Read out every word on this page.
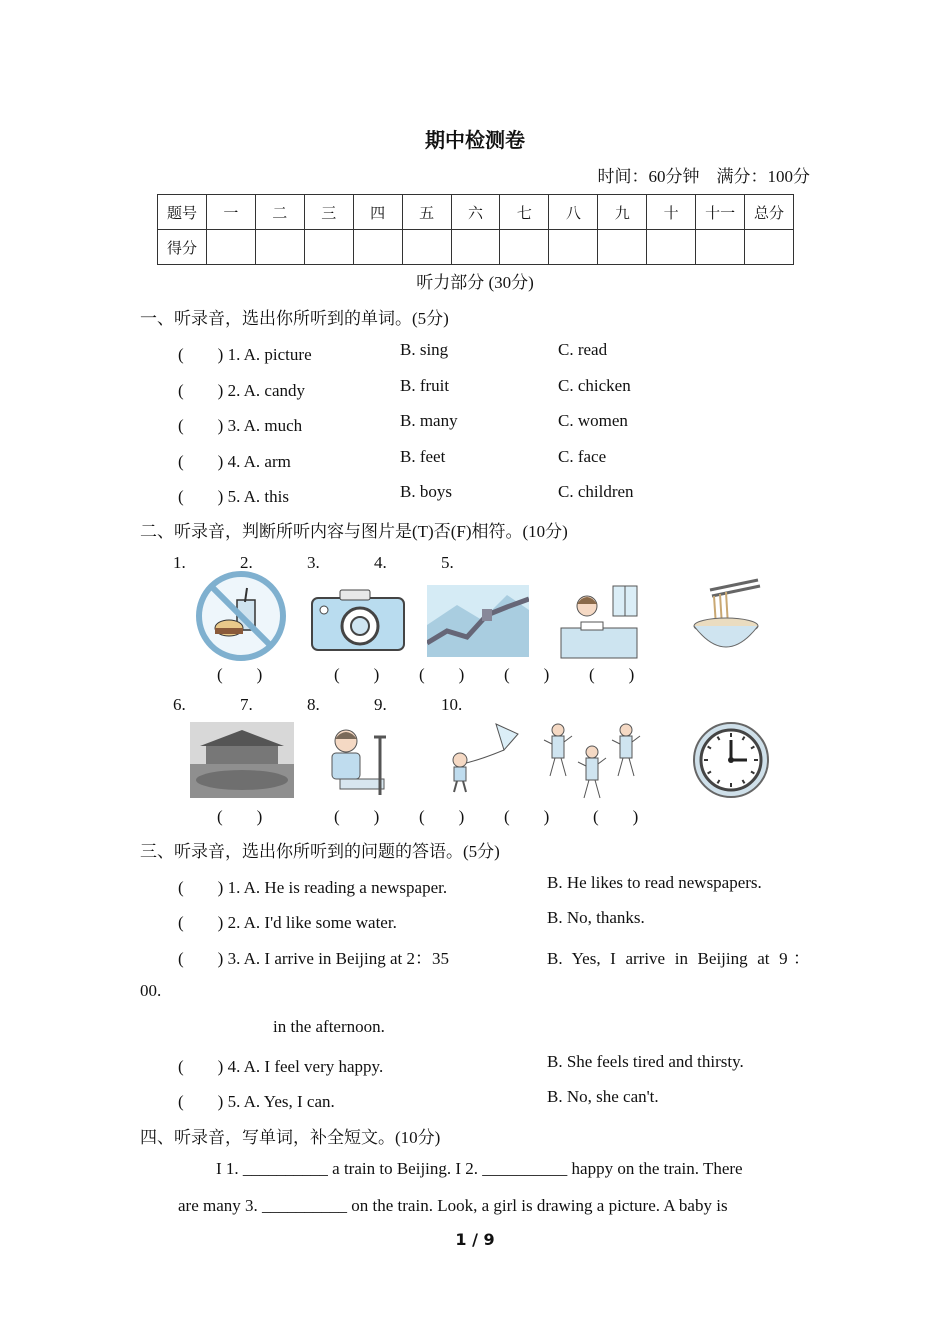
期中检测卷
时间：60分钟　满分：100分
题号	一	二	三	四	五	六	七	八	九	十	十一	总分
得分												
听力部分 (30分)
一、听录音，选出你所听到的单词。(5分)
(　　) 1. A. picture	B. sing	C. read
(　　) 2. A. candy	B. fruit	C. chicken
(　　) 3. A. much	B. many	C. women
(　　) 4. A. arm	B. feet	C. face
(　　) 5. A. this	B. boys	C. children
二、听录音，判断所听内容与图片是(T)否(F)相符。(10分)
1.	2.	3.	4.	5.
(　　)	(　　) (　　) (　　) (　　)
6.	7.	8.	9.	10.
(　　)	(　　) (　　) (　　)	(　　)
三、听录音，选出你所听到的问题的答语。(5分)
(　　) 1. A. He is reading a newspaper.	B. He likes to read newspapers.
(　　) 2. A. I'd like some water.	B. No, thanks.
(　　) 3. A. I arrive in Beijing at 2：35	B. Yes, I arrive in Beijing at 9：
00.
in the afternoon.
(　　) 4. A. I feel very happy.	B. She feels tired and thirsty.
(　　) 5. A. Yes, I can.	B. No, she can't.
四、听录音，写单词，补全短文。(10分)
I 1. __________ a train to Beijing. I 2. __________ happy on the train. There
are many 3. __________ on the train. Look, a girl is drawing a picture. A baby is
1 / 9
